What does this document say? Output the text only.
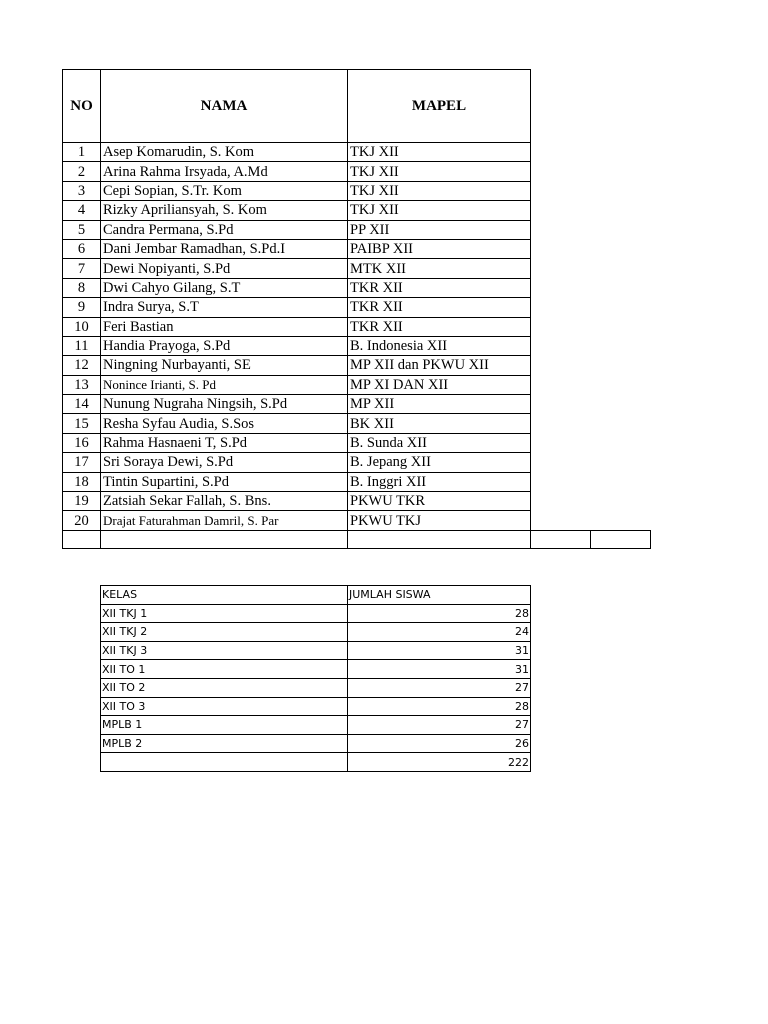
NO	NAMA	MAPEL		
1	Asep Komarudin, S. Kom	TKJ XII		
2	Arina Rahma Irsyada, A.Md	TKJ XII		
3	Cepi Sopian, S.Tr. Kom	TKJ XII		
4	Rizky Apriliansyah, S. Kom	TKJ XII		
5	Candra Permana, S.Pd	PP XII		
6	Dani Jembar Ramadhan, S.Pd.I	PAIBP XII		
7	Dewi Nopiyanti, S.Pd	MTK XII		
8	Dwi Cahyo Gilang, S.T	TKR XII		
9	Indra Surya, S.T	TKR XII		
10	Feri Bastian	TKR XII		
11	Handia Prayoga, S.Pd	B. Indonesia XII		
12	Ningning Nurbayanti, SE	MP XII dan PKWU XII		
13	Nonince Irianti, S. Pd	MP XI DAN XII		
14	Nunung Nugraha Ningsih, S.Pd	MP XII		
15	Resha Syfau Audia, S.Sos	BK XII		
16	Rahma Hasnaeni T, S.Pd	B. Sunda XII		
17	Sri Soraya Dewi, S.Pd	B. Jepang XII		
18	Tintin Supartini, S.Pd	B. Inggri XII		
19	Zatsiah Sekar Fallah, S. Bns.	PKWU TKR		
20	Drajat Faturahman Damril, S. Par	PKWU TKJ		

KELAS	JUMLAH SISWA
XII TKJ 1	28
XII TKJ 2	24
XII TKJ 3	31
XII TO 1	31
XII TO 2	27
XII TO 3	28
MPLB 1	27
MPLB 2	26
	222
